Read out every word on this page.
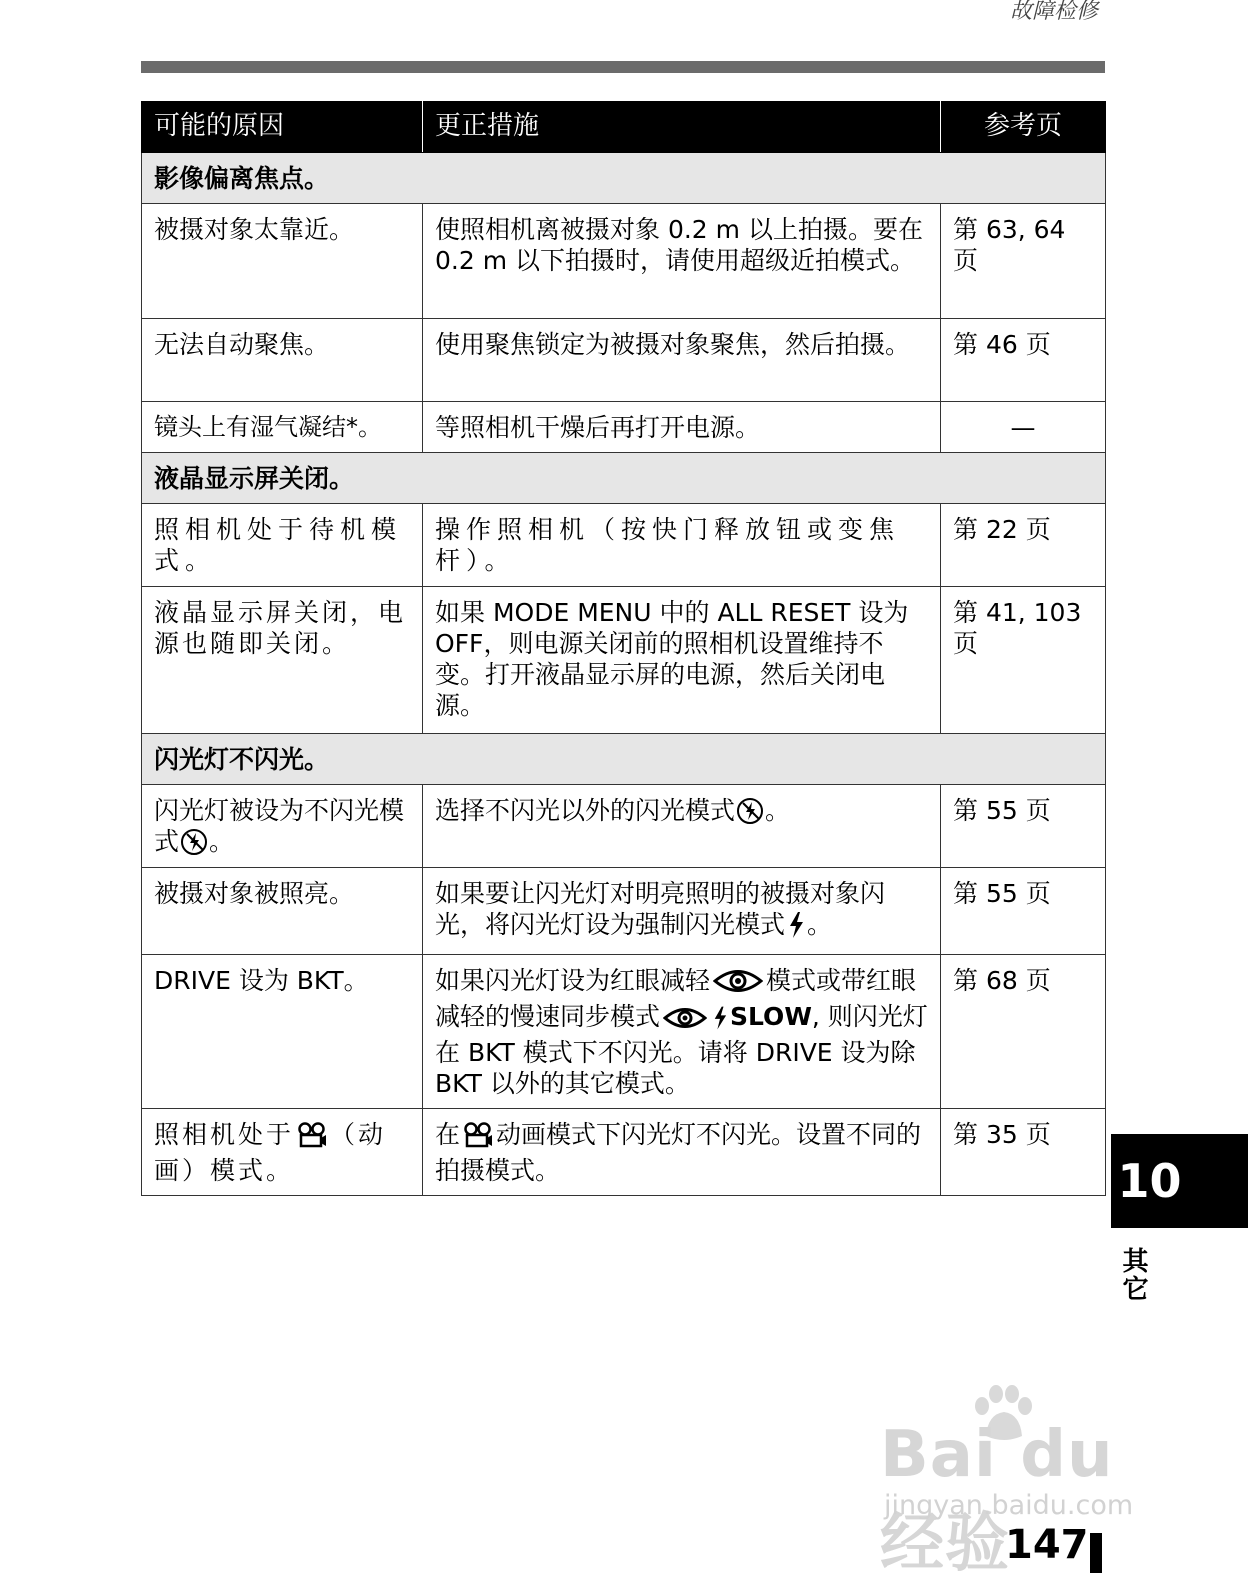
故障检修
可能的原因	更正措施	参考页
影像偏离焦点。		
被摄对象太靠近。	使照相机离被摄对象 0.2 m 以上拍摄。要在 0.2 m 以下拍摄时，请使用超级近拍模式。	第 63, 64 页
无法自动聚焦。	使用聚焦锁定为被摄对象聚焦，然后拍摄。	第 46 页
镜头上有湿气凝结*。	等照相机干燥后再打开电源。	—
液晶显示屏关闭。		
照相机处于待机模式。	操作照相机（按快门释放钮或变焦杆）。	第 22 页
液晶显示屏关闭，电源也随即关闭。	如果 MODE MENU 中的 ALL RESET 设为 OFF，则电源关闭前的照相机设置维持不变。打开液晶显示屏的电源，然后关闭电源。	第 41, 103 页
闪光灯不闪光。		
闪光灯被设为不闪光模式 。	选择不闪光以外的闪光模式 。	第 55 页
被摄对象被照亮。	如果要让闪光灯对明亮照明的被摄对象闪光，将闪光灯设为强制闪光模式 。	第 55 页
DRIVE 设为 BKT。	如果闪光灯设为红眼减轻 模式或带红眼减轻的慢速同步模式 SLOW, 则闪光灯在 BKT 模式下不闪光。请将 DRIVE 设为除 BKT 以外的其它模式。	第 68 页
照相机处于 （动画）模式。	在 动画模式下闪光灯不闪光。设置不同的拍摄模式。	第 35 页
10
其它
Bai du 经验
jingyan.baidu.com
147
